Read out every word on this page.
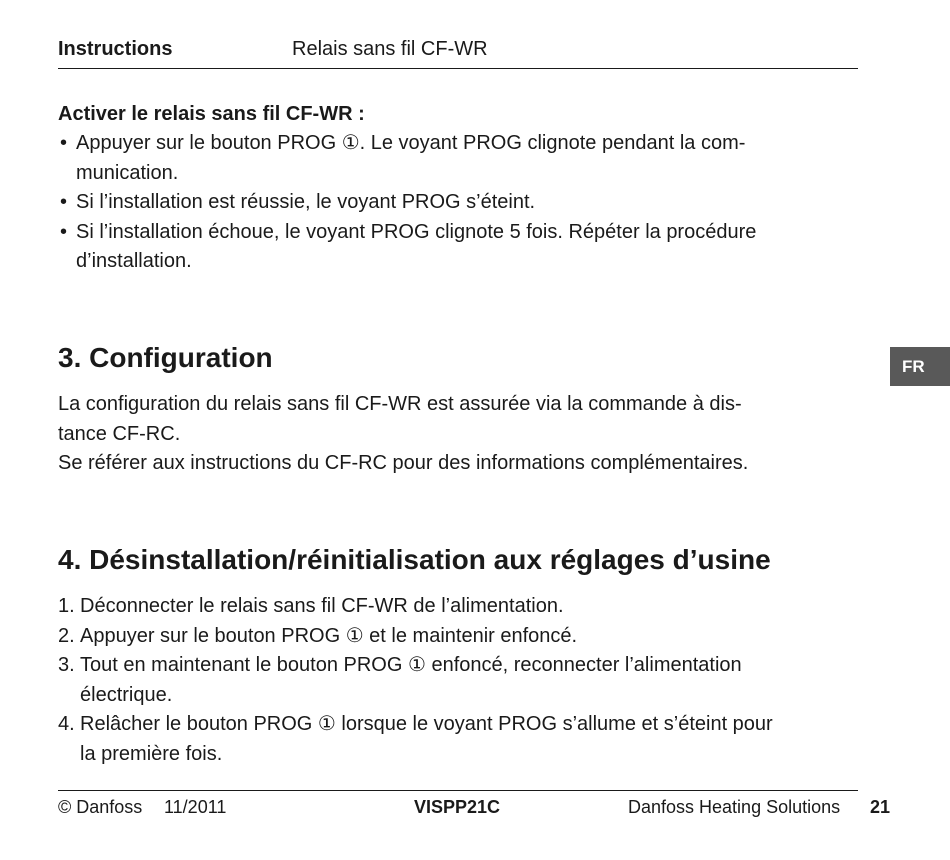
Instructions	Relais sans fil CF-WR
Activer le relais sans fil CF-WR :
• Appuyer sur le bouton PROG ①. Le voyant PROG clignote pendant la com-
munication.
• Si l’installation est réussie, le voyant PROG s’éteint.
• Si l’installation échoue, le voyant PROG clignote 5 fois. Répéter la procédure
d’installation.
3. Configuration

La configuration du relais sans fil CF-WR est assurée via la commande à dis-

tance CF-RC.

Se référer aux instructions du CF-RC pour des informations complémentaires.

4. Désinstallation/réinitialisation aux réglages d’usine
1. Déconnecter le relais sans fil CF-WR de l’alimentation.
2. Appuyer sur le bouton PROG ① et le maintenir enfoncé.
3. Tout en maintenant le bouton PROG ① enfoncé, reconnecter l’alimentation
électrique.
4. Relâcher le bouton PROG ① lorsque le voyant PROG s’allume et s’éteint pour
la première fois.
© Danfoss 11/2011	VISPP21C	Danfoss Heating Solutions 21
FR
